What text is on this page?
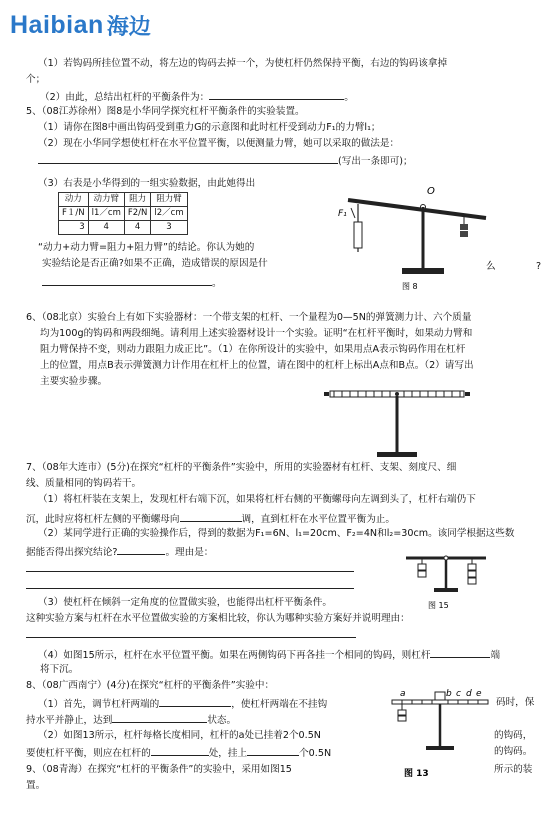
Haibian 海边
（1）若钩码所挂位置不动，将左边的钩码去掉一个，为使杠杆仍然保持平衡，右边的钩码该拿掉
个；
（2）由此，总结出杠杆的平衡条件为：	。
5、（08江苏徐州）图8是小华同学探究杠杆平衡条件的实验装置。
（1）请你在图8中画出钩码受到重力G的示意图和此时杠杆受到动力F₁的力臂l₁；
（2）现在小华同学想使杠杆在水平位置平衡，以便测量力臂，她可以采取的做法是：
(写出一条即可)；
（3）右表是小华得到的一组实验数据，由此她得出
动力	动力臂	阻力	阻力臂
F１/N	l1／cm	F2/N	l2／cm
3	4	4	3
“动力+动力臂=阻力+阻力臂”的结论。你认为她的
实验结论是否正确?如果不正确，造成错误的原因是什	么	?
。
O
F₁
图 8
6、（08北京）实验台上有如下实验器材：一个带支架的杠杆、一个量程为0—5N的弹簧测力计、六个质量
均为100g的钩码和两段细绳。请利用上述实验器材设计一个实验。证明“在杠杆平衡时，如果动力臂和
阻力臂保持不变，则动力跟阻力成正比”。（1）在你所设计的实验中，如果用点A表示钩码作用在杠杆
上的位置，用点B表示弹簧测力计作用在杠杆上的位置，请在图中的杠杆上标出A点和B点。（2）请写出
主要实验步骤。
7、（08年大连市）(5分)在探究“杠杆的平衡条件”实验中，所用的实验器材有杠杆、支架、刻度尺、细
线、质量相同的钩码若干。
（1）将杠杆装在支架上，发现杠杆右端下沉，如果将杠杆右侧的平衡螺母向左调到头了，杠杆右端仍下
沉，此时应将杠杆左侧的平衡螺母向	调，直到杠杆在水平位置平衡为止。
（2）某同学进行正确的实验操作后，得到的数据为F₁=6N、l₁=20cm、F₂=4N和l₂=30cm。该同学根据这些数
据能否得出探究结论?	。理由是：
（3）使杠杆在倾斜一定角度的位置做实验，也能得出杠杆平衡条件。
这种实验方案与杠杆在水平位置做实验的方案相比较，你认为哪种实验方案好并说明理由：
（4）如图15所示，杠杆在水平位置平衡。如果在两侧钩码下再各挂一个相同的钩码，则杠杆	端
将下沉。
图 15
8、（08广西南宁）(4分)在探究“杠杆的平衡条件”实验中：
（1）首先，调节杠杆两端的	，使杠杆两端在不挂钩	码时，保
持水平并静止，达到	状态。
（2）如图13所示，杠杆每格长度相同，杠杆的a处已挂着2个0.5N	的钩码，
要使杠杆平衡，则应在杠杆的	处，挂上	个0.5N	的钩码。
9、（08青海）在探究“杠杆的平衡条件”的实验中，采用如图15	所示的装
置。
a	b c d e
图 13
